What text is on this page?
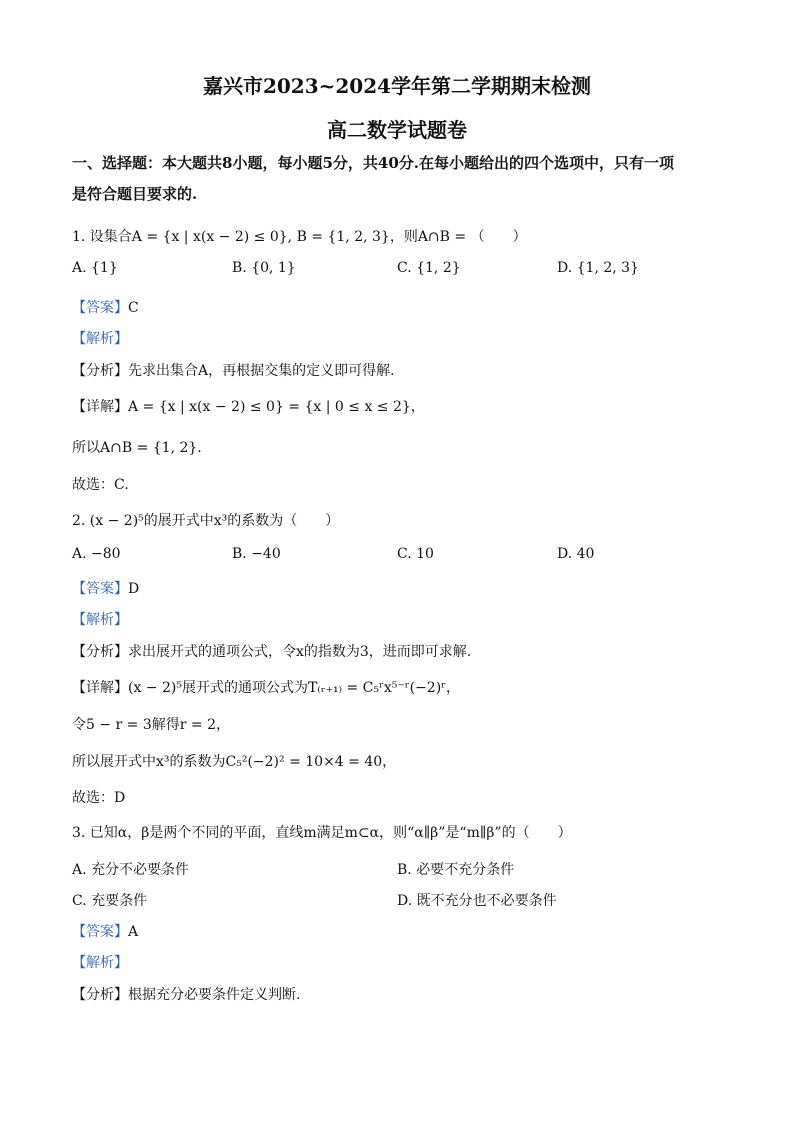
嘉兴市2023~2024学年第二学期期末检测
高二数学试题卷
一、选择题：本大题共8小题，每小题5分，共40分.在每小题给出的四个选项中，只有一项
是符合题目要求的.
1. 设集合A = {x | x(x − 2) ≤ 0}, B = {1, 2, 3}，则A∩B = （　　）
A. {1}	B. {0, 1}	C. {1, 2}	D. {1, 2, 3}
【答案】C
【解析】
【分析】先求出集合A，再根据交集的定义即可得解.
【详解】A = {x | x(x − 2) ≤ 0} = {x | 0 ≤ x ≤ 2}，
所以A∩B = {1, 2}.
故选：C.
2. (x − 2)⁵的展开式中x³的系数为（　　）
A. −80	B. −40	C. 10	D. 40
【答案】D
【解析】
【分析】求出展开式的通项公式，令x的指数为3，进而即可求解.
【详解】(x − 2)⁵展开式的通项公式为T₍ᵣ₊₁₎ = C₅ʳx⁵⁻ʳ(−2)ʳ，
令5 − r = 3解得r = 2，
所以展开式中x³的系数为C₅²(−2)² = 10×4 = 40，
故选：D
3. 已知α，β是两个不同的平面，直线m满足m⊂α，则“α∥β”是“m∥β”的（　　）
A. 充分不必要条件	B. 必要不充分条件
C. 充要条件	D. 既不充分也不必要条件
【答案】A
【解析】
【分析】根据充分必要条件定义判断.
